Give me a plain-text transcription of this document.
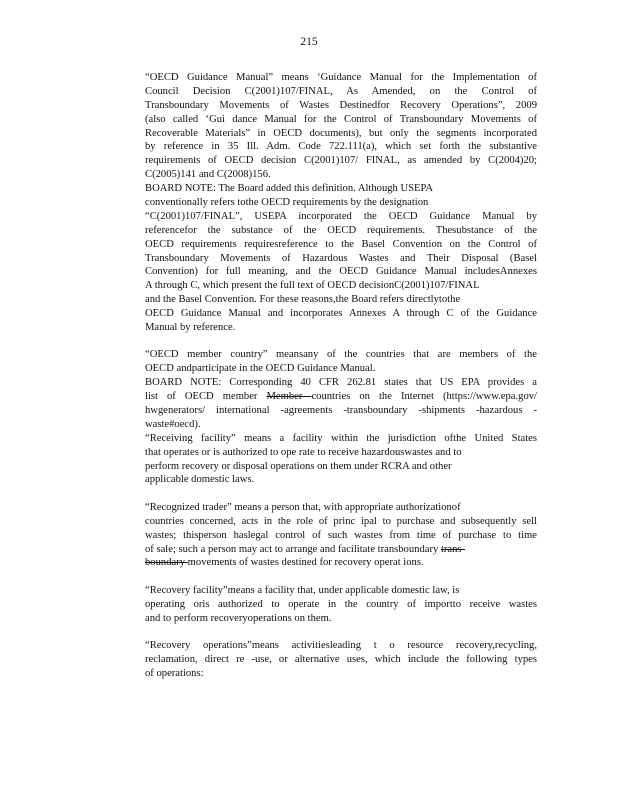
215
“OECD Guidance Manual” means ‘Guidance Manual for the Implementation of
Council Decision C(2001)107/FINAL, As Amended, on the Control of
Transboundary Movements of Wastes Destinedfor Recovery Operations”, 2009
(also called ‘Gui dance Manual for the Control of Transboundary Movements of
Recoverable Materials” in OECD documents), but only the segments incorporated
by reference in 35 Ill. Adm. Code 722.111(a), which set forth the substantive
requirements of OECD decision C(2001)107/ FINAL, as amended by C(2004)20;
C(2005)141 and C(2008)156.
BOARD NOTE: The Board added this definition. Although USEPA
conventionally refers tothe OECD requirements by the designation
“C(2001)107/FINAL”, USEPA incorporated the OECD Guidance Manual by
referencefor the substance of the OECD requirements. Thesubstance of the
OECD requirements requiresreference to the Basel Convention on the Control of
Transboundary Movements of Hazardous Wastes and Their Disposal (Basel
Convention) for full meaning, and the OECD Guidance Manual includesAnnexes
A through C, which present the full text of OECD decisionC(2001)107/FINAL
and the Basel Convention. For these reasons,the Board refers directlytothe
OECD Guidance Manual and incorporates Annexes A through C of the Guidance
Manual by reference.
“OECD member country” meansany of the countries that are members of the
OECD andparticipate in the OECD Guidance Manual.
BOARD NOTE: Corresponding 40 CFR 262.81 states that US EPA provides a
list of OECD member Member countries on the Internet (https://www.epa.gov/
hwgenerators/ international -agreements -transboundary -shipments -hazardous -
waste#oecd).
“Receiving facility” means a facility within the jurisdiction ofthe United States
that operates or is authorized to ope rate to receive hazardouswastes and to
perform recovery or disposal operations on them under RCRA and other
applicable domestic laws.
“Recognized trader” means a person that, with appropriate authorizationof
countries concerned, acts in the role of princ ipal to purchase and subsequently sell
wastes; thisperson haslegal control of such wastes from time of purchase to time
of sale; such a person may act to arrange and facilitate transboundary trans-
boundary movements of wastes destined for recovery operat ions.
“Recovery facility”means a facility that, under applicable domestic law, is
operating oris authorized to operate in the country of importto receive wastes
and to perform recoveryoperations on them.
“Recovery operations”means activitiesleading t o resource recovery,recycling,
reclamation, direct re -use, or alternative uses, which include the following types
of operations:
